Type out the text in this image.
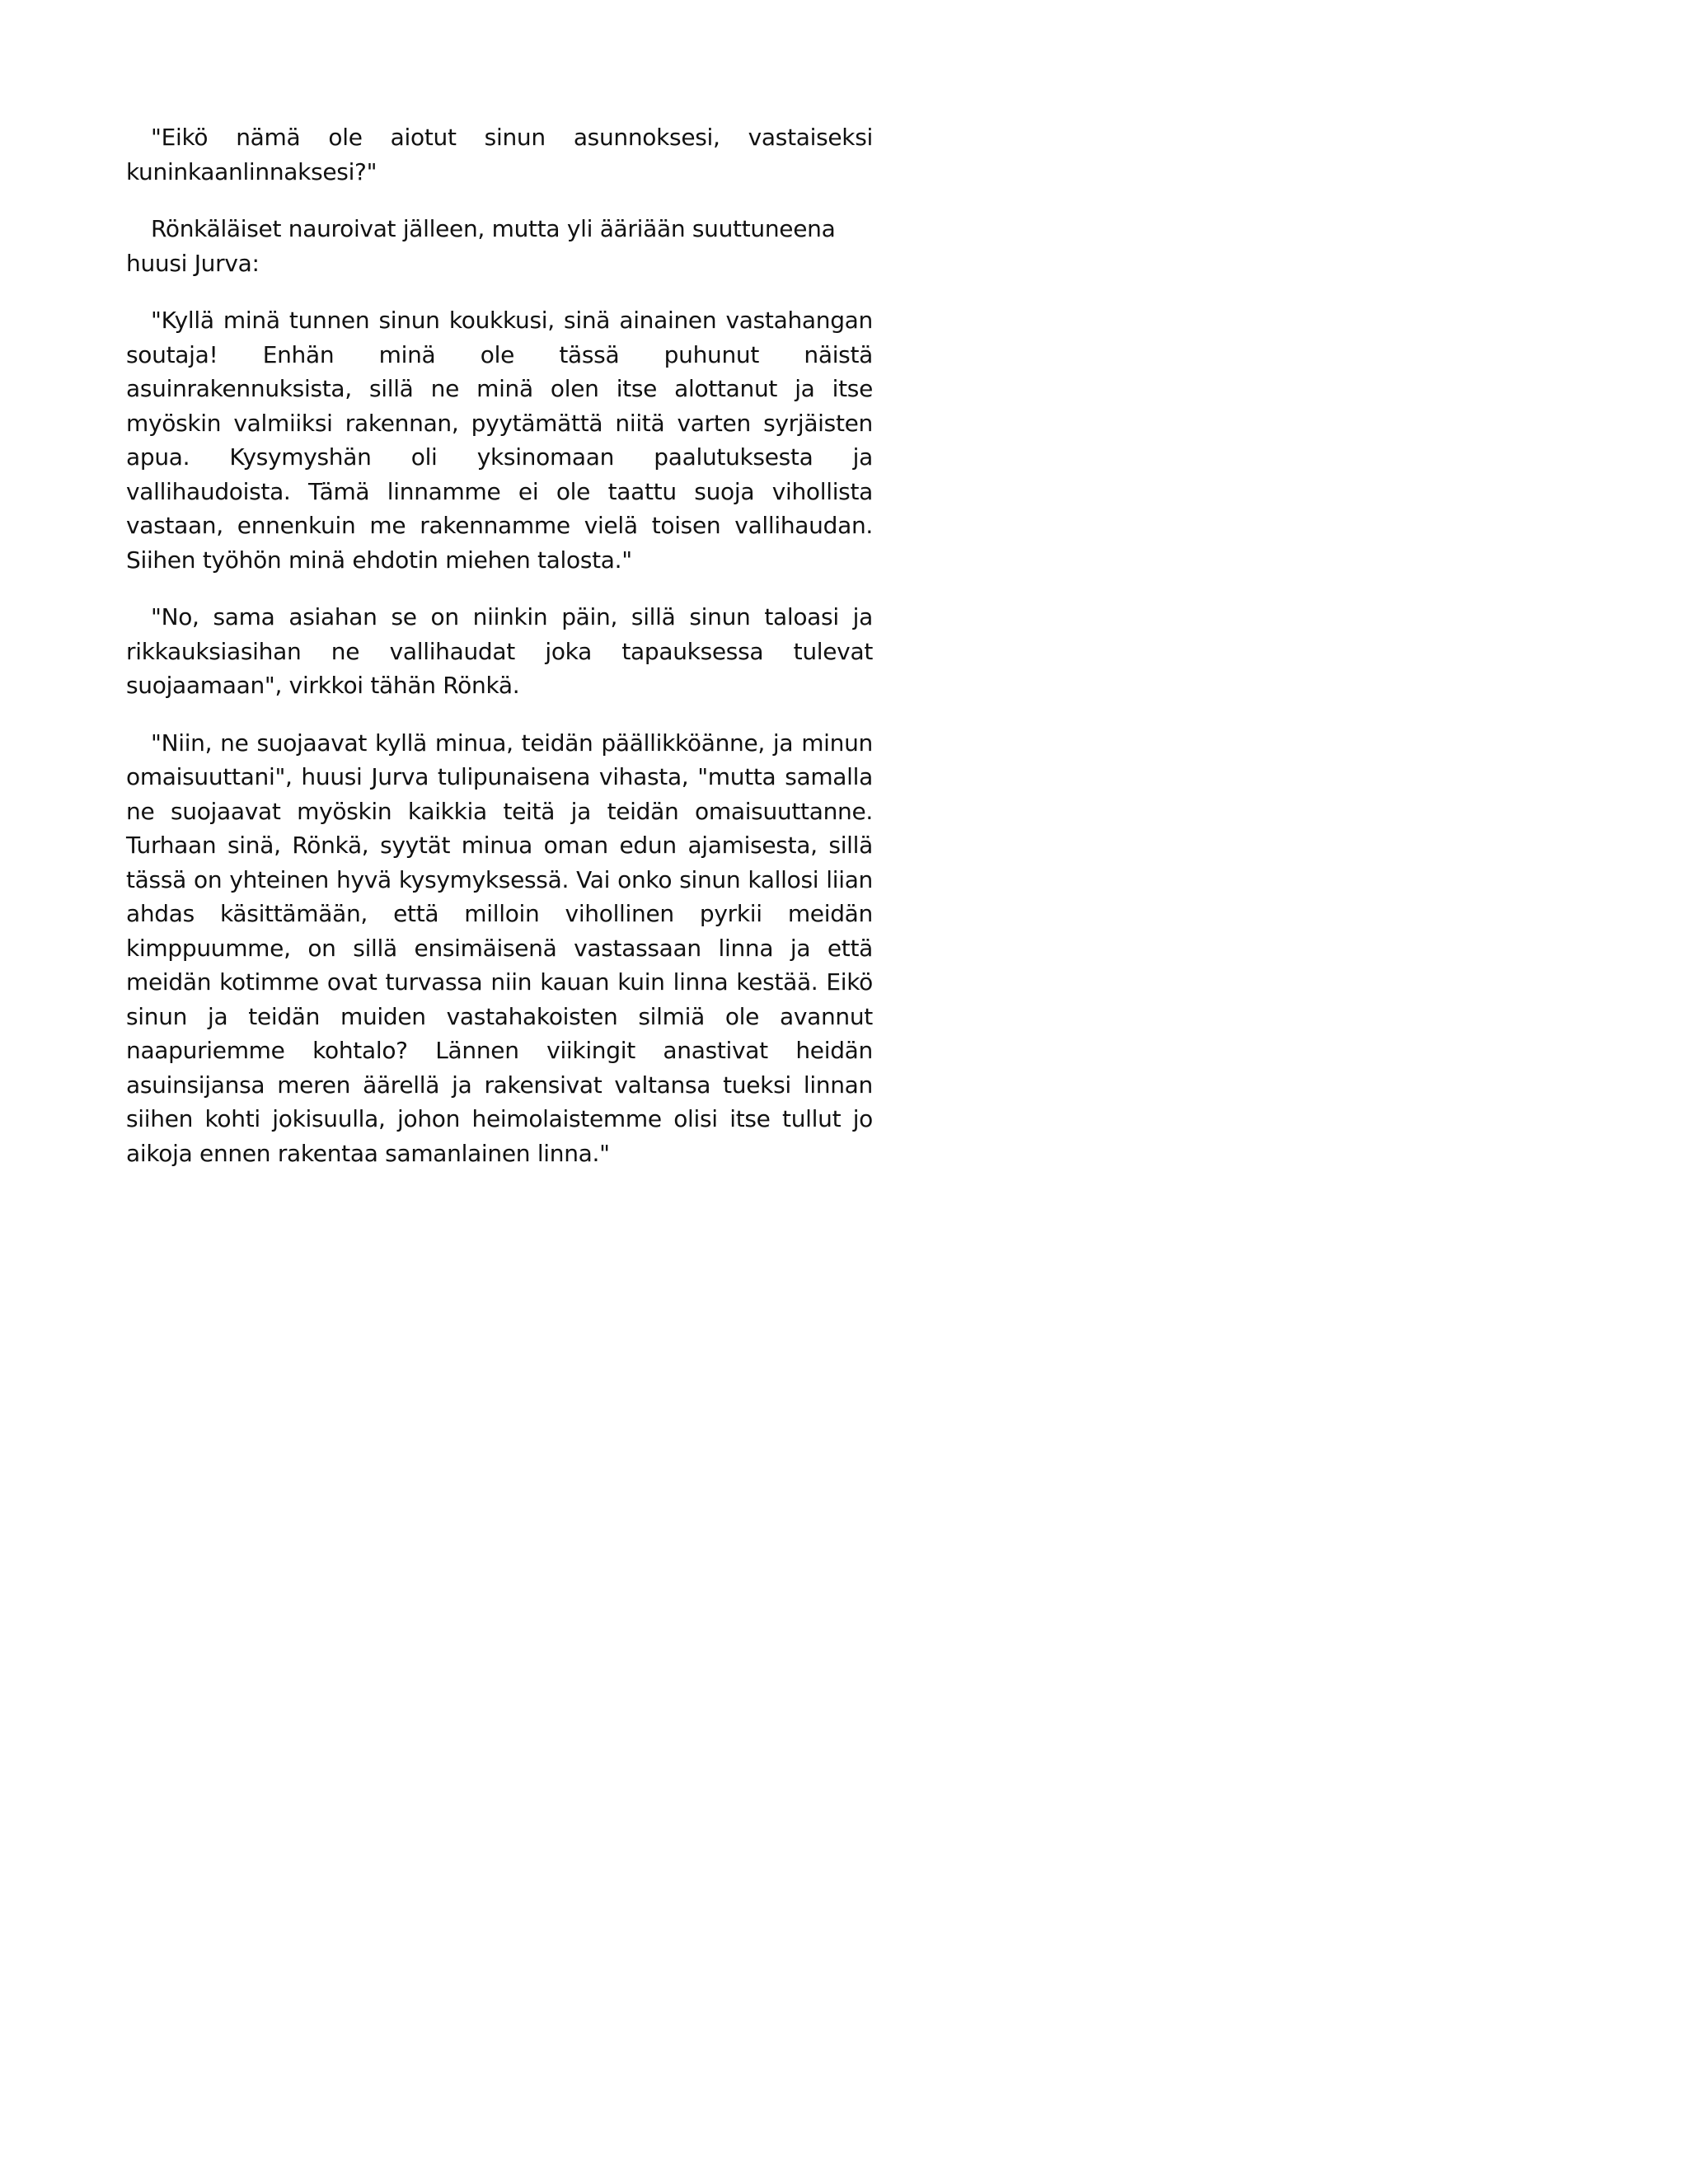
"Eikö nämä ole aiotut sinun asunnoksesi, vastaiseksi kuninkaanlinnaksesi?"

Rönkäläiset nauroivat jälleen, mutta yli ääriään suuttuneena huusi Jurva:

"Kyllä minä tunnen sinun koukkusi, sinä ainainen vastahangan soutaja! Enhän minä ole tässä puhunut näistä asuinrakennuksista, sillä ne minä olen itse alottanut ja itse myöskin valmiiksi rakennan, pyytämättä niitä varten syrjäisten apua. Kysymyshän oli yksinomaan paalutuksesta ja vallihaudoista. Tämä linnamme ei ole taattu suoja vihollista vastaan, ennenkuin me rakennamme vielä toisen vallihaudan. Siihen työhön minä ehdotin miehen talosta."

"No, sama asiahan se on niinkin päin, sillä sinun taloasi ja rikkauksiasihan ne vallihaudat joka tapauksessa tulevat suojaamaan", virkkoi tähän Rönkä.

"Niin, ne suojaavat kyllä minua, teidän päällikköänne, ja minun omaisuuttani", huusi Jurva tulipunaisena vihasta, "mutta samalla ne suojaavat myöskin kaikkia teitä ja teidän omaisuuttanne. Turhaan sinä, Rönkä, syytät minua oman edun ajamisesta, sillä tässä on yhteinen hyvä kysymyksessä. Vai onko sinun kallosi liian ahdas käsittämään, että milloin vihollinen pyrkii meidän kimppuumme, on sillä ensimäisenä vastassaan linna ja että meidän kotimme ovat turvassa niin kauan kuin linna kestää. Eikö sinun ja teidän muiden vastahakoisten silmiä ole avannut naapuriemme kohtalo? Lännen viikingit anastivat heidän asuinsijansa meren äärellä ja rakensivat valtansa tueksi linnan siihen kohti jokisuulla, johon heimolaistemme olisi itse tullut jo aikoja ennen rakentaa samanlainen linna."
